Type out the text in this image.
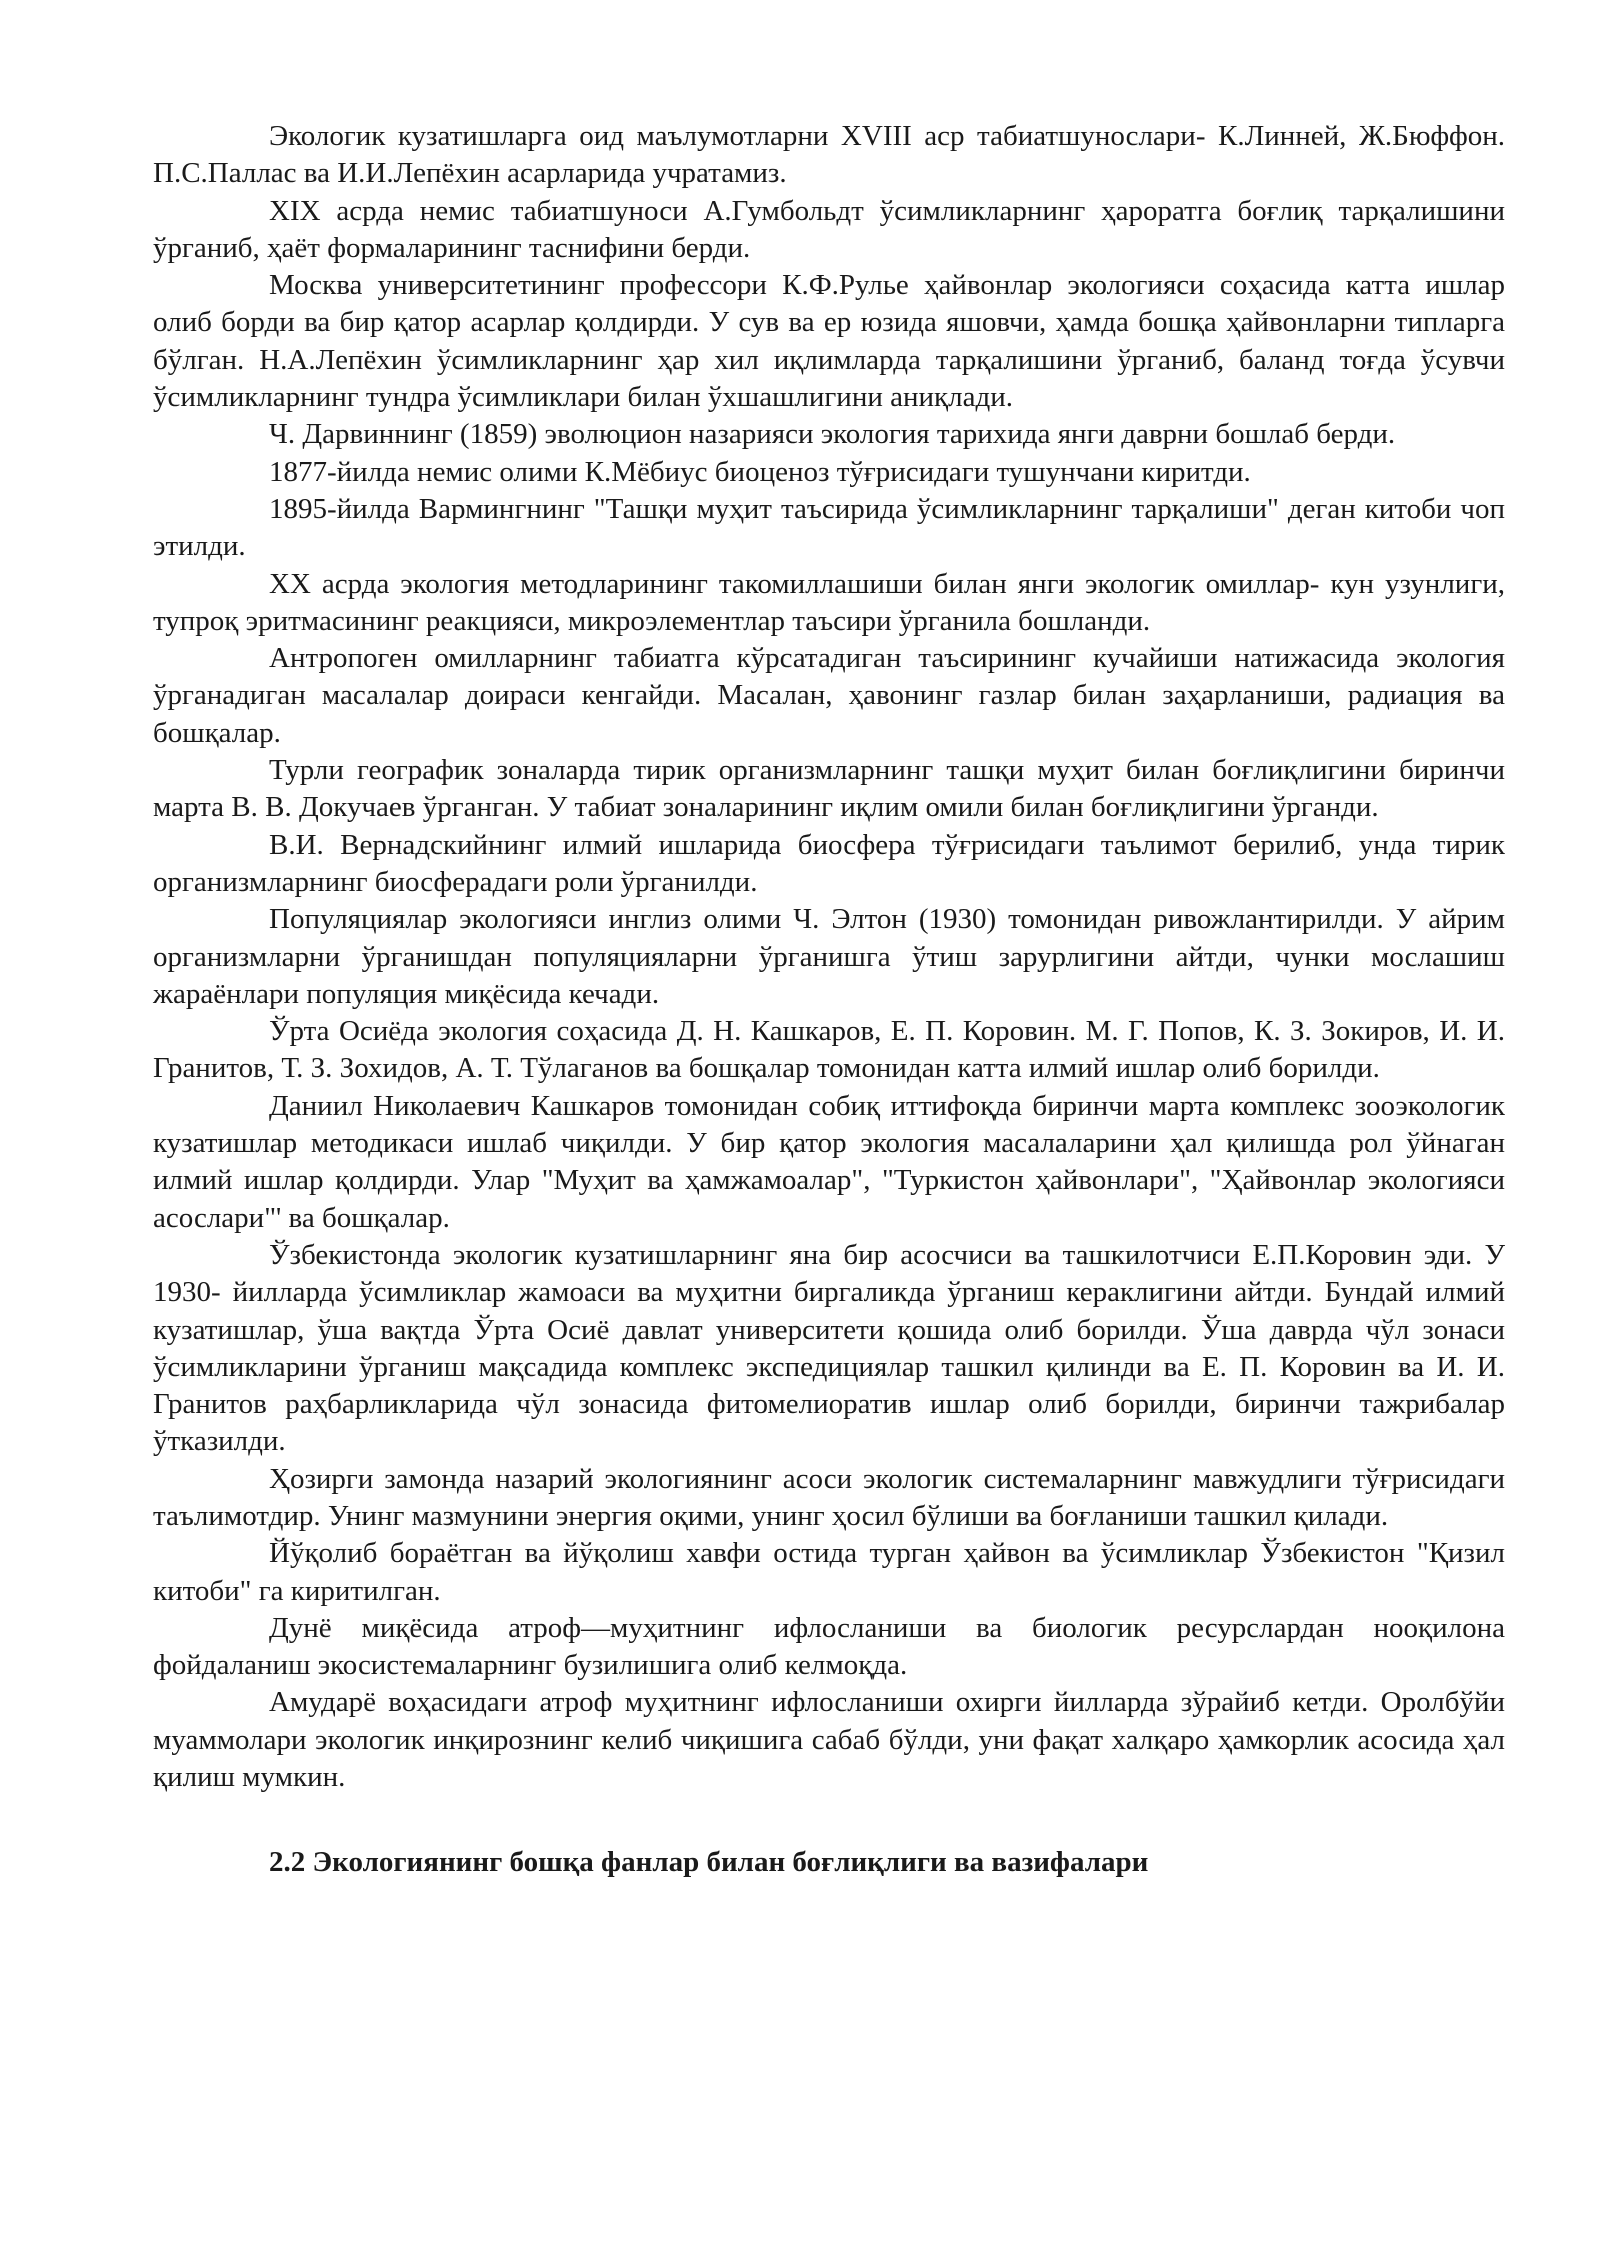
Экологик кузатишларга оид маълумотларни XVIII аср табиатшунослари- К.Линней, Ж.Бюффон. П.С.Паллас ва И.И.Лепёхин асарларида учратамиз.

XIX асрда немис табиатшуноси А.Гумбольдт ўсимликларнинг ҳароратга боғлиқ тарқалишини ўрганиб, ҳаёт формаларининг таснифини берди.

Москва университетининг профессори К.Ф.Рулье ҳайвонлар экологияси соҳасида катта ишлар олиб борди ва бир қатор асарлар қолдирди. У сув ва ер юзида яшовчи, ҳамда бошқа ҳайвонларни типларга бўлган. Н.А.Лепёхин ўсимликларнинг ҳар хил иқлимларда тарқалишини ўрганиб, баланд тоғда ўсувчи ўсимликларнинг тундра ўсимликлари билан ўхшашлигини аниқлади.

Ч. Дарвиннинг (1859) эволюцион назарияси экология тарихида янги даврни бошлаб берди.

1877-йилда немис олими К.Мёбиус биоценоз тўғрисидаги тушунчани киритди.

1895-йилда Вармингнинг "Ташқи муҳит таъсирида ўсимликларнинг тарқалиши" деган китоби чоп этилди.

XX асрда экология методларининг такомиллашиши билан янги экологик омиллар- кун узунлиги, тупроқ эритмасининг реакцияси, микроэлементлар таъсири ўрганила бошланди.

Антропоген омилларнинг табиатга кўрсатадиган таъсирининг кучайиши натижасида экология ўрганадиган масалалар доираси кенгайди. Масалан, ҳавонинг газлар билан заҳарланиши, радиация ва бошқалар.

Турли географик зоналарда тирик организмларнинг ташқи муҳит билан боғлиқлигини биринчи марта В. В. Докучаев ўрганган. У табиат зоналарининг иқлим омили билан боғлиқлигини ўрганди.

В.И. Вернадскийнинг илмий ишларида биосфера тўғрисидаги таълимот берилиб, унда тирик организмларнинг биосферадаги роли ўрганилди.

Популяциялар экологияси инглиз олими Ч. Элтон (1930) томонидан ривожлантирилди. У айрим организмларни ўрганишдан популяцияларни ўрганишга ўтиш зарурлигини айтди, чунки мослашиш жараёнлари популяция миқёсида кечади.

Ўрта Осиёда экология соҳасида Д. Н. Кашкаров, Е. П. Коровин. М. Г. Попов, К. З. Зокиров, И. И. Гранитов, Т. З. Зохидов, А. Т. Тўлаганов ва бошқалар томонидан катта илмий ишлар олиб борилди.

Даниил Николаевич Кашкаров томонидан собиқ иттифоқда биринчи марта комплекс зооэкологик кузатишлар методикаси ишлаб чиқилди. У бир қатор экология масалаларини ҳал қилишда рол ўйнаган илмий ишлар қолдирди. Улар "Муҳит ва ҳамжамоалар", "Туркистон ҳайвонлари", "Ҳайвонлар экологияси асослари"' ва бошқалар.

Ўзбекистонда экологик кузатишларнинг яна бир асосчиси ва ташкилотчиси Е.П.Коровин эди. У 1930- йилларда ўсимликлар жамоаси ва муҳитни биргаликда ўрганиш кераклигини айтди. Бундай илмий кузатишлар, ўша вақтда Ўрта Осиё давлат университети қошида олиб борилди. Ўша даврда чўл зонаси ўсимликларини ўрганиш мақсадида комплекс экспедициялар ташкил қилинди ва Е. П. Коровин ва И. И. Гранитов раҳбарликларида чўл зонасида фитомелиоратив ишлар олиб борилди, биринчи тажрибалар ўтказилди.

Ҳозирги замонда назарий экологиянинг асоси экологик системаларнинг мавжудлиги тўғрисидаги таълимотдир. Унинг мазмунини энергия оқими, унинг ҳосил бўлиши ва боғланиши ташкил қилади.

Йўқолиб бораётган ва йўқолиш хавфи остида турган ҳайвон ва ўсимликлар Ўзбекистон "Қизил китоби" га киритилган.

Дунё миқёсида атроф—муҳитнинг ифлосланиши ва биологик ресурслардан ноoқилона фойдаланиш экосистемаларнинг бузилишига олиб келмоқда.

Амударё воҳасидаги атроф муҳитнинг ифлосланиши охирги йилларда зўрайиб кетди. Оролбўйи муаммолари экологик инқирознинг келиб чиқишига сабаб бўлди, уни фақат халқаро ҳамкорлик асосида ҳал қилиш мумкин.

2.2 Экологиянинг бошқа фанлар билан боғлиқлиги ва вазифалари
